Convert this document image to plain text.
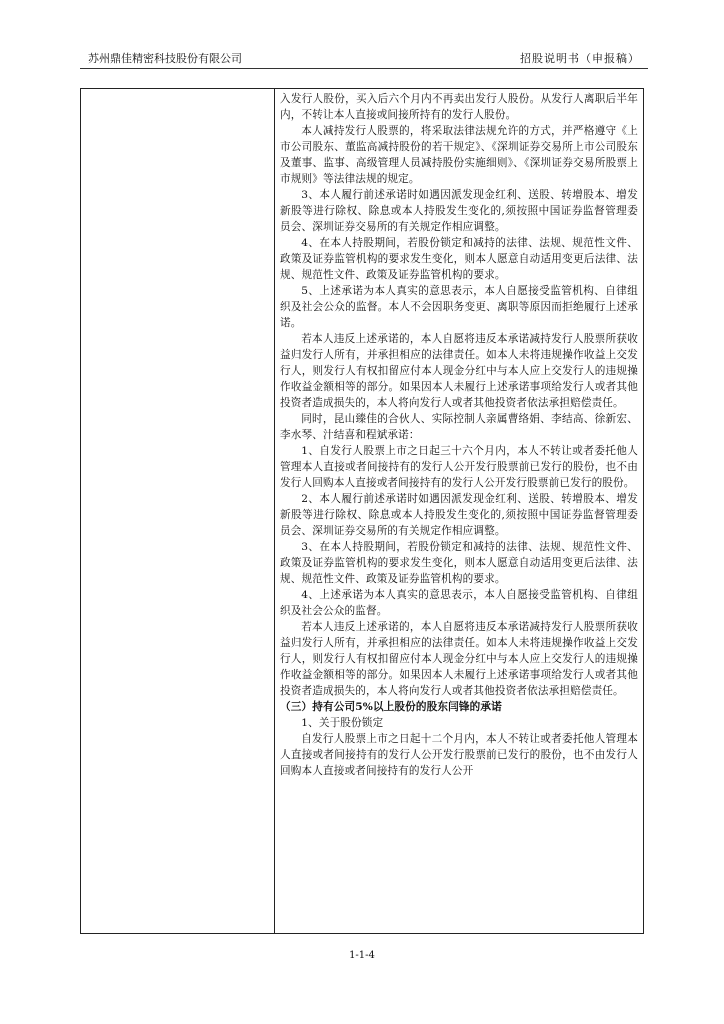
苏州鼎佳精密科技股份有限公司	招股说明书（申报稿）

入发行人股份，买入后六个月内不再卖出发行人股份。从发行人离职后半年内，不转让本人直接或间接所持有的发行人股份。

本人减持发行人股票的，将采取法律法规允许的方式，并严格遵守《上市公司股东、董监高减持股份的若干规定》、《深圳证券交易所上市公司股东及董事、监事、高级管理人员减持股份实施细则》、《深圳证券交易所股票上市规则》等法律法规的规定。

3、本人履行前述承诺时如遇因派发现金红利、送股、转增股本、增发新股等进行除权、除息或本人持股发生变化的,须按照中国证券监督管理委员会、深圳证券交易所的有关规定作相应调整。

4、在本人持股期间，若股份锁定和减持的法律、法规、规范性文件、政策及证券监管机构的要求发生变化，则本人愿意自动适用变更后法律、法规、规范性文件、政策及证券监管机构的要求。

5、上述承诺为本人真实的意思表示，本人自愿接受监管机构、自律组织及社会公众的监督。本人不会因职务变更、离职等原因而拒绝履行上述承诺。

若本人违反上述承诺的，本人自愿将违反本承诺减持发行人股票所获收益归发行人所有，并承担相应的法律责任。如本人未将违规操作收益上交发行人，则发行人有权扣留应付本人现金分红中与本人应上交发行人的违规操作收益金额相等的部分。如果因本人未履行上述承诺事项给发行人或者其他投资者造成损失的，本人将向发行人或者其他投资者依法承担赔偿责任。

同时，昆山臻佳的合伙人、实际控制人亲属曹络娟、李结高、徐新宏、李水琴、汁结喜和程斌承诺：

1、自发行人股票上市之日起三十六个月内，本人不转让或者委托他人管理本人直接或者间接持有的发行人公开发行股票前已发行的股份，也不由发行人回购本人直接或者间接持有的发行人公开发行股票前已发行的股份。

2、本人履行前述承诺时如遇因派发现金红利、送股、转增股本、增发新股等进行除权、除息或本人持股发生变化的,须按照中国证券监督管理委员会、深圳证券交易所的有关规定作相应调整。

3、在本人持股期间，若股份锁定和减持的法律、法规、规范性文件、政策及证券监管机构的要求发生变化，则本人愿意自动适用变更后法律、法规、规范性文件、政策及证券监管机构的要求。

4、上述承诺为本人真实的意思表示，本人自愿接受监管机构、自律组织及社会公众的监督。

若本人违反上述承诺的，本人自愿将违反本承诺减持发行人股票所获收益归发行人所有，并承担相应的法律责任。如本人未将违规操作收益上交发行人，则发行人有权扣留应付本人现金分红中与本人应上交发行人的违规操作收益金额相等的部分。如果因本人未履行上述承诺事项给发行人或者其他投资者造成损失的，本人将向发行人或者其他投资者依法承担赔偿责任。

（三）持有公司5%以上股份的股东闫锋的承诺

1、关于股份锁定

自发行人股票上市之日起十二个月内，本人不转让或者委托他人管理本人直接或者间接持有的发行人公开发行股票前已发行的股份，也不由发行人回购本人直接或者间接持有的发行人公开

1-1-4
